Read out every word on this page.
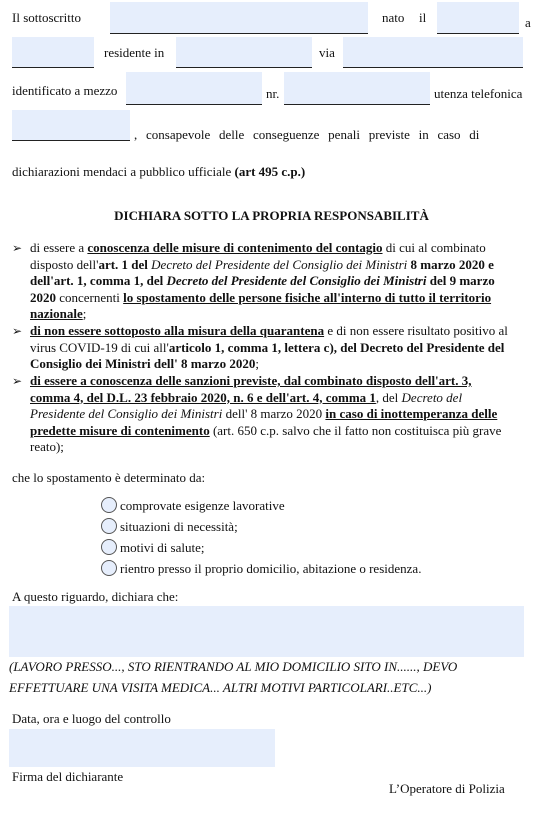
Il sottoscritto	nato il	a
residente in	via
identificato a mezzo	nr.	utenza telefonica
, consapevole delle conseguenze penali previste in caso di
dichiarazioni mendaci a pubblico ufficiale (art 495 c.p.)
DICHIARA SOTTO LA PROPRIA RESPONSABILITÀ
➢ di essere a conoscenza delle misure di contenimento del contagio di cui al combinato disposto dell'art. 1 del Decreto del Presidente del Consiglio dei Ministri 8 marzo 2020 e dell'art. 1, comma 1, del Decreto del Presidente del Consiglio dei Ministri del 9 marzo 2020 concernenti lo spostamento delle persone fisiche all'interno di tutto il territorio nazionale;
➢ di non essere sottoposto alla misura della quarantena e di non essere risultato positivo al virus COVID-19 di cui all'articolo 1, comma 1, lettera c), del Decreto del Presidente del Consiglio dei Ministri dell' 8 marzo 2020;
➢ di essere a conoscenza delle sanzioni previste, dal combinato disposto dell'art. 3, comma 4, del D.L. 23 febbraio 2020, n. 6 e dell'art. 4, comma 1, del Decreto del Presidente del Consiglio dei Ministri dell' 8 marzo 2020 in caso di inottemperanza delle predette misure di contenimento (art. 650 c.p. salvo che il fatto non costituisca più grave reato);
che lo spostamento è determinato da:
comprovate esigenze lavorative
situazioni di necessità;
motivi di salute;
rientro presso il proprio domicilio, abitazione o residenza.
A questo riguardo, dichiara che:
(LAVORO PRESSO..., STO RIENTRANDO AL MIO DOMICILIO SITO IN......, DEVO EFFETTUARE UNA VISITA MEDICA... ALTRI MOTIVI PARTICOLARI..ETC...)
Data, ora e luogo del controllo
Firma del dichiarante
L’Operatore di Polizia
